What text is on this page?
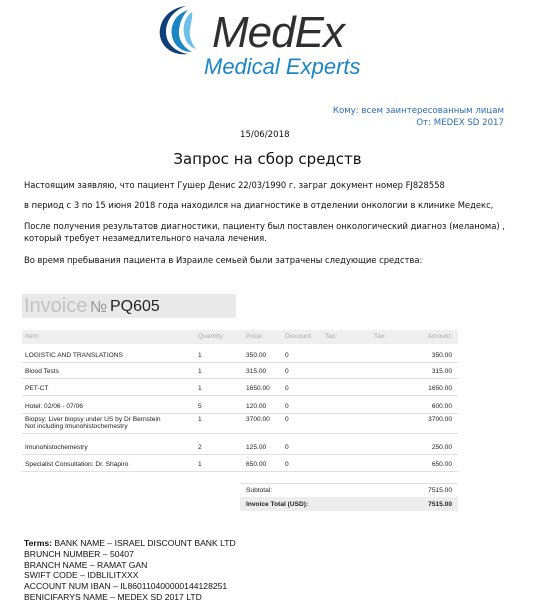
MedEx
Medical Experts
Кому: всем заинтересованным лицам
От: MEDEX SD 2017
15/06/2018
Запрос на сбор средств
Настоящим заявляю, что пациент Гушер Денис 22/03/1990 г. заграг документ номер FJ828558
в период с 3 по 15 июня 2018 года находился на диагностике в отделении онкологии в клинике Медекс,
После получения результатов диагностики, пациенту был поставлен онкологический диагноз (меланома) ,
который требует незамедлительного начала лечения.
Во время пребывания пациента в Израиле семьей были затрачены следующие средства:
Invoice № PQ605
Item:	Quantity:	Price:	Discount: Tax:	Tax:	Amount:
LOGISTIC AND TRANSLATIONS	1	350.00	0	350.00
Blood Tests	1	315.00	0	315.00
PET-CT	1	1650.00 0	1650.00
Hotel: 02/06 - 07/06	5	120.00	0	600.00
Biopsy: Liver biopsy under US by Dr Bernstein
Not including Imunohistochemestry
1	3700.00 0	3700.00
Imunohistochemestry	2	125.00	0	250.00
Specialist Consultation: Dr. Shapiro	1	650.00	0	650.00
Subtotal:	7515.00
Invoice Total (USD):	7515.00
Terms: BANK NAME – ISRAEL DISCOUNT BANK LTD
BRUNCH NUMBER – 50407
BRANCH NAME – RAMAT GAN
SWIFT CODE – IDBLILITXXX
ACCOUNT NUM IBAN – IL860110400000144128251
BENICIFARYS NAME – MEDEX SD 2017 LTD
